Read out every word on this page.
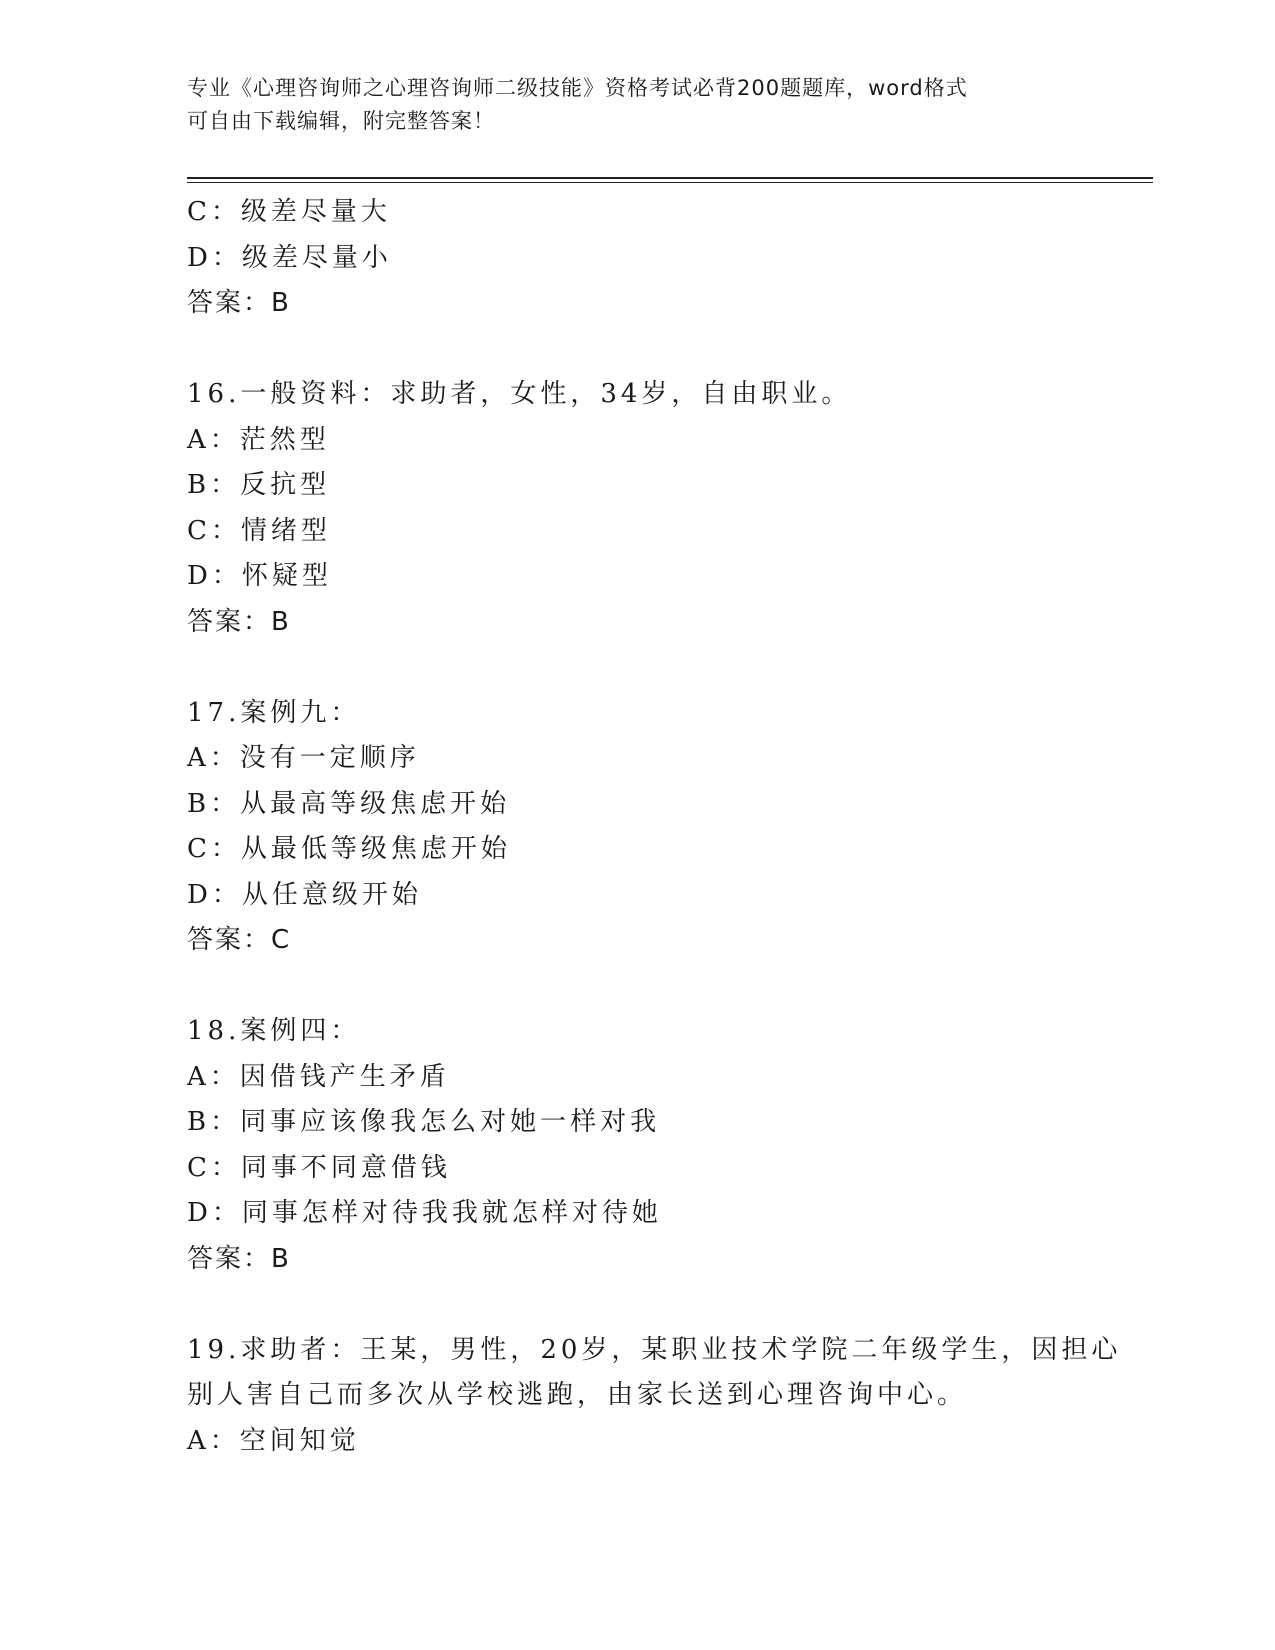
专业《心理咨询师之心理咨询师二级技能》资格考试必背200题题库，word格式
可自由下载编辑，附完整答案！
C：级差尽量大
D：级差尽量小
答案：B
16.一般资料：求助者，女性，34岁，自由职业。
A：茫然型
B：反抗型
C：情绪型
D：怀疑型
答案：B
17.案例九：
A：没有一定顺序
B：从最高等级焦虑开始
C：从最低等级焦虑开始
D：从任意级开始
答案：C
18.案例四：
A：因借钱产生矛盾
B：同事应该像我怎么对她一样对我
C：同事不同意借钱
D：同事怎样对待我我就怎样对待她
答案：B
19.求助者：王某，男性，20岁，某职业技术学院二年级学生，因担心
别人害自己而多次从学校逃跑，由家长送到心理咨询中心。
A：空间知觉
